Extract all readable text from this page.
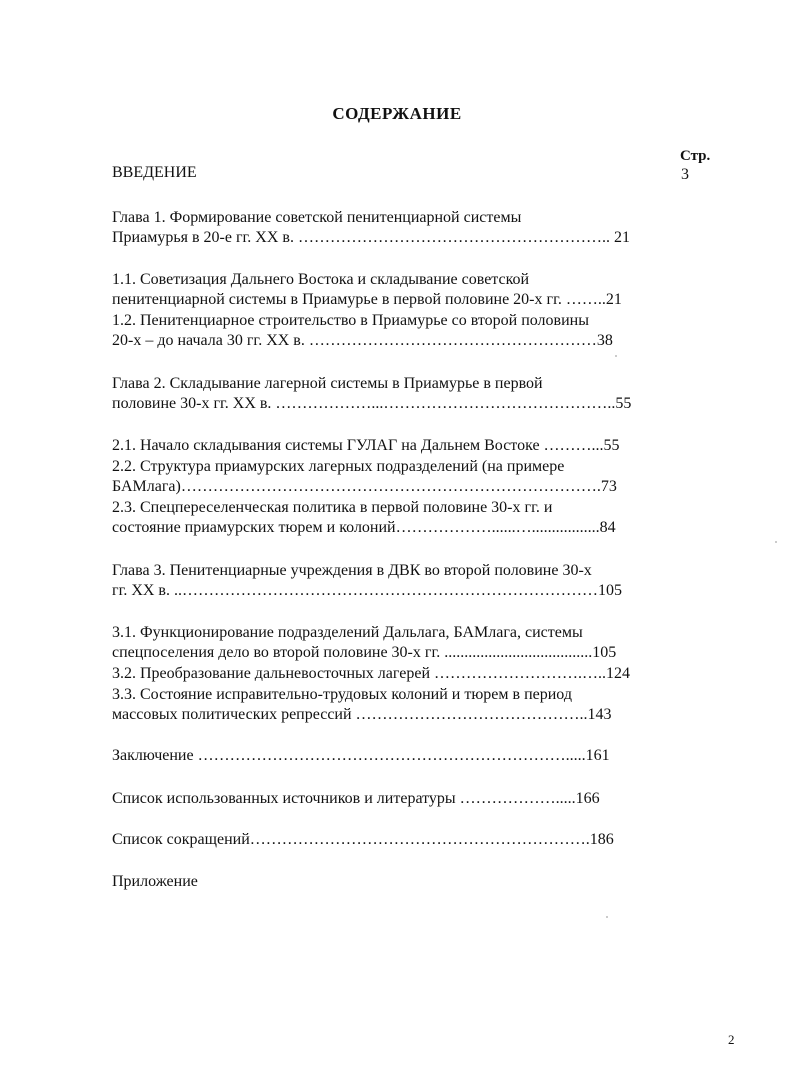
СОДЕРЖАНИЕ
Стр.
ВВЕДЕНИЕ	3
Глава 1. Формирование советской пенитенциарной системы
Приамурья в 20-е гг. XX в. ………………………………………………….. 21
1.1. Советизация Дальнего Востока и складывание советской
пенитенциарной системы в Приамурье в первой половине 20-х гг. ……..21
1.2. Пенитенциарное строительство в Приамурье со второй половины
20-х – до начала 30 гг. XX в. ………………………………………………38
Глава 2. Складывание лагерной системы в Приамурье в первой
половине 30-х гг. XX в. ………………...……………………………………..55
2.1. Начало складывания системы ГУЛАГ на Дальнем Востоке ………...55
2.2. Структура приамурских лагерных подразделений (на примере
БАМлага)…………………………………………………………………….73
2.3. Спецпереселенческая политика в первой половине 30-х гг. и
состояние приамурских тюрем и колоний………………......….................84
Глава 3. Пенитенциарные учреждения в ДВК во второй половине 30-х
гг. XX в. ..……………………………………………………………………105
3.1. Функционирование подразделений Дальлага, БАМлага, системы
спецпоселения дело во второй половине 30-х гг. .....................................105
3.2. Преобразование дальневосточных лагерей ……………………….…..124
3.3. Состояние исправительно-трудовых колоний и тюрем в период
массовых политических репрессий ……………………………………..143
Заключение …………………………………………………………….....161
Список использованных источников и литературы ……………….....166
Список сокращений……………………………………………………….186
Приложение
2
